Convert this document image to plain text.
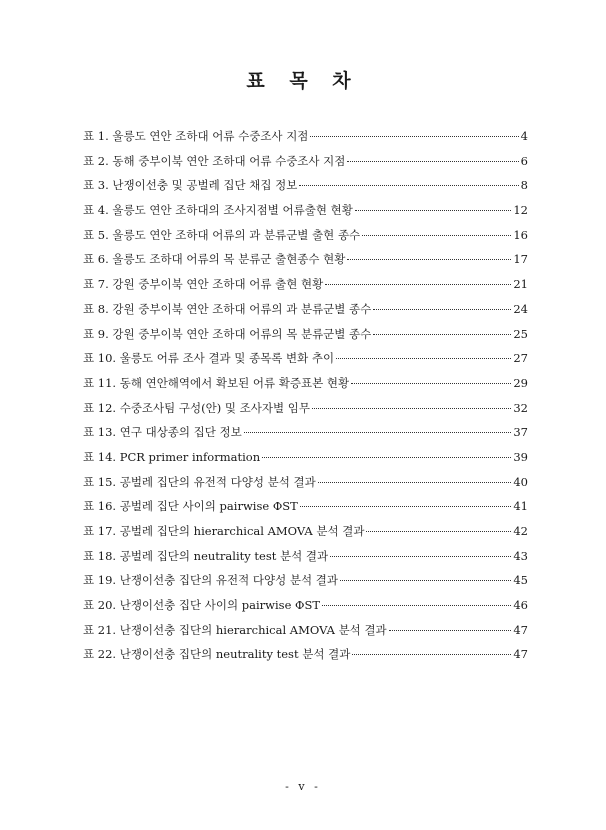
표 목 차
표 1. 울릉도 연안 조하대 어류 수중조사 지점	4
표 2. 동해 중부이북 연안 조하대 어류 수중조사 지점	6
표 3. 난쟁이선충 및 공벌레 집단 채집 정보	8
표 4. 울릉도 연안 조하대의 조사지점별 어류출현 현황	12
표 5. 울릉도 연안 조하대 어류의 과 분류군별 출현 종수	16
표 6. 울릉도 조하대 어류의 목 분류군 출현종수 현황	17
표 7. 강원 중부이북 연안 조하대 어류 출현 현황	21
표 8. 강원 중부이북 연안 조하대 어류의 과 분류군별 종수	24
표 9. 강원 중부이북 연안 조하대 어류의 목 분류군별 종수	25
표 10. 울릉도 어류 조사 결과 및 종목록 변화 추이	27
표 11. 동해 연안해역에서 확보된 어류 확증표본 현황	29
표 12. 수중조사팀 구성(안) 및 조사자별 임무	32
표 13. 연구 대상종의 집단 정보	37
표 14. PCR primer information	39
표 15. 공벌레 집단의 유전적 다양성 분석 결과	40
표 16. 공벌레 집단 사이의 pairwise ΦST	41
표 17. 공벌레 집단의 hierarchical AMOVA 분석 결과	42
표 18. 공벌레 집단의 neutrality test 분석 결과	43
표 19. 난쟁이선충 집단의 유전적 다양성 분석 결과	45
표 20. 난쟁이선충 집단 사이의 pairwise ΦST	46
표 21. 난쟁이선충 집단의 hierarchical AMOVA 분석 결과	47
표 22. 난쟁이선충 집단의 neutrality test 분석 결과	47
- v -
